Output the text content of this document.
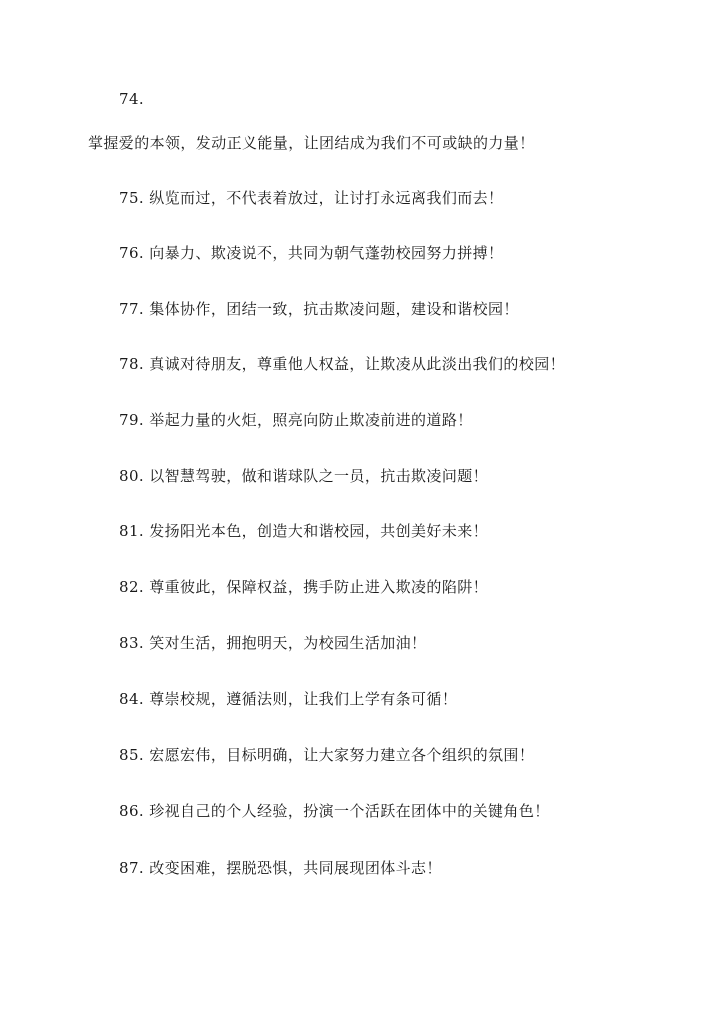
74.
掌握爱的本领，发动正义能量，让团结成为我们不可或缺的力量！
75. 纵览而过，不代表着放过，让讨打永远离我们而去！
76. 向暴力、欺凌说不，共同为朝气蓬勃校园努力拼搏！
77. 集体协作，团结一致，抗击欺凌问题，建设和谐校园！
78. 真诚对待朋友，尊重他人权益，让欺凌从此淡出我们的校园！
79. 举起力量的火炬，照亮向防止欺凌前进的道路！
80. 以智慧驾驶，做和谐球队之一员，抗击欺凌问题！
81. 发扬阳光本色，创造大和谐校园，共创美好未来！
82. 尊重彼此，保障权益，携手防止进入欺凌的陷阱！
83. 笑对生活，拥抱明天，为校园生活加油！
84. 尊崇校规，遵循法则，让我们上学有条可循！
85. 宏愿宏伟，目标明确，让大家努力建立各个组织的氛围！
86. 珍视自己的个人经验，扮演一个活跃在团体中的关键角色！
87. 改变困难，摆脱恐惧，共同展现团体斗志！
